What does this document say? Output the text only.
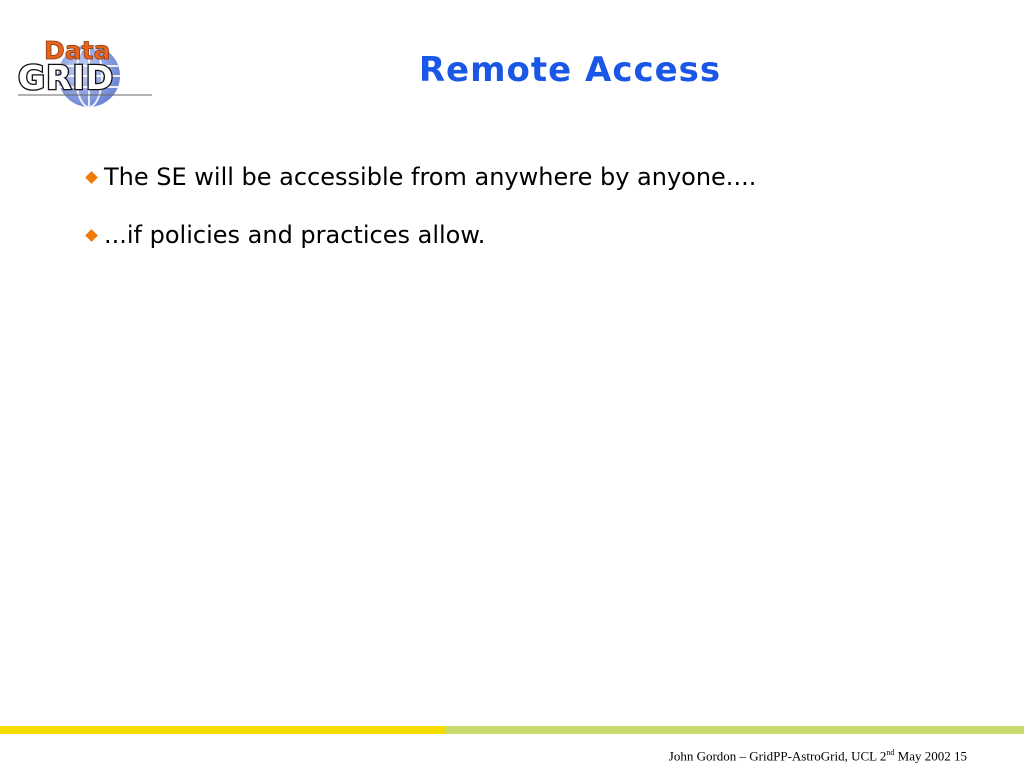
Data
GRID	Remote Access
The SE will be accessible from anywhere by anyone....
...if policies and practices allow.
John Gordon – GridPP-AstroGrid, UCL 2nd May 2002 15
